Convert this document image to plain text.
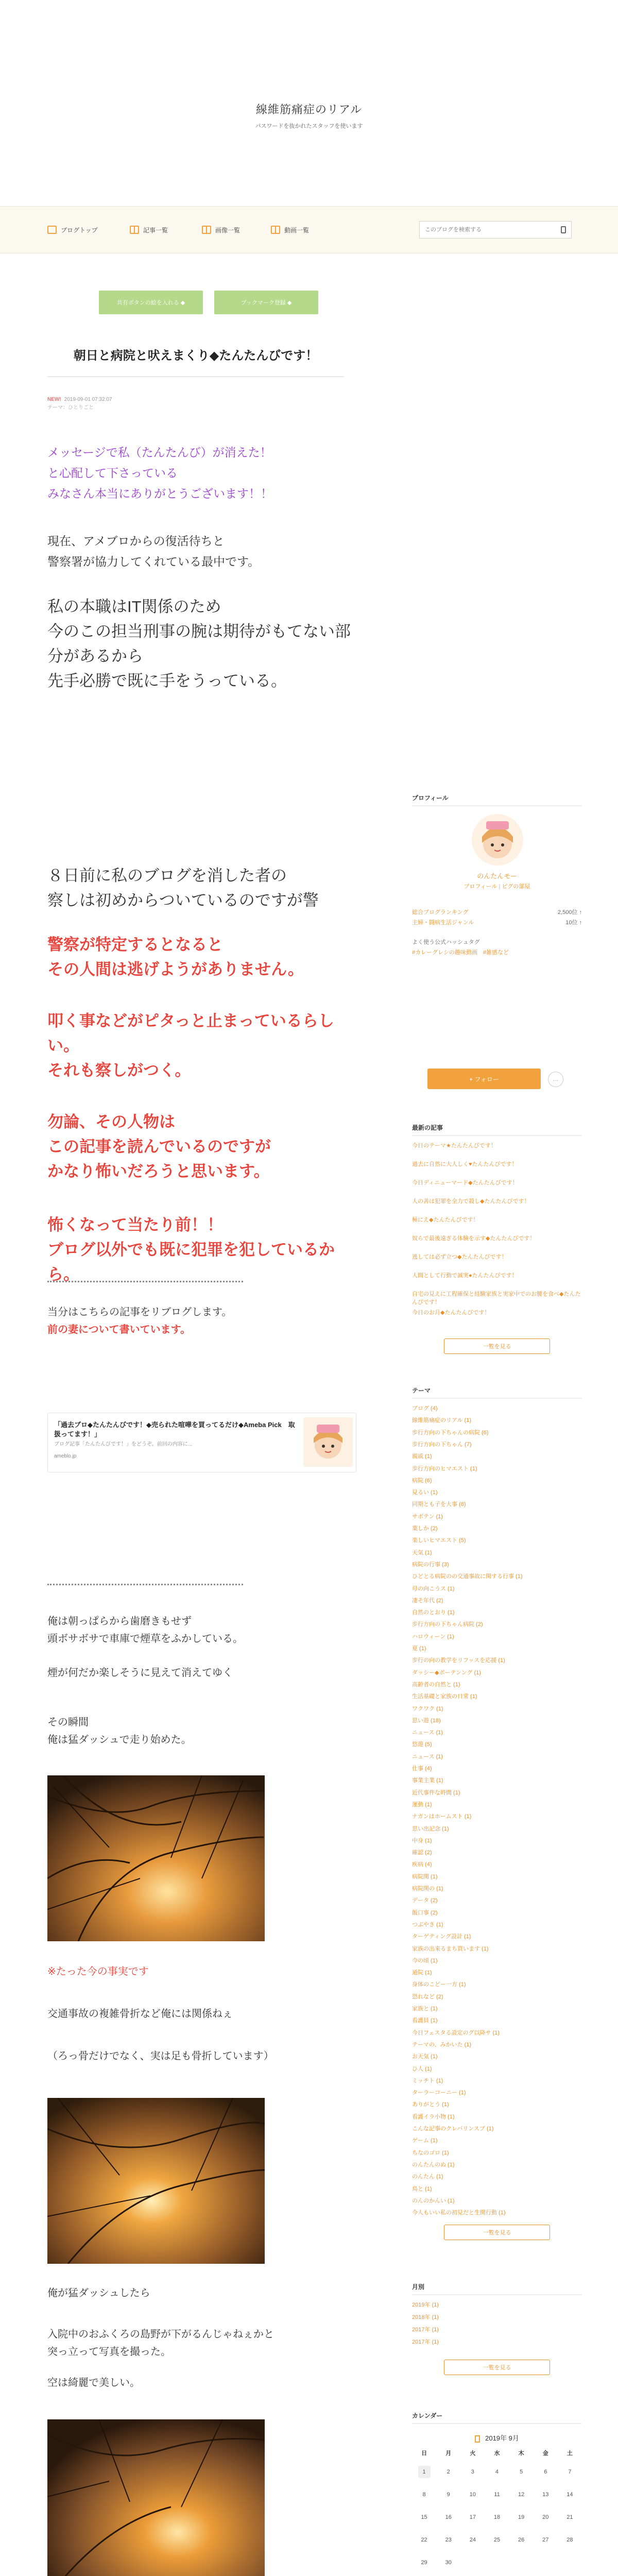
線維筋痛症のリアル
パスワードを抜かれたスタッフを使います
ブログトップ	記事一覧	画像一覧	動画一覧
このブログを検索する
共有ボタンの絵を入れる ◆	ブックマーク登録 ◆
朝日と病院と吠えまくり◆たんたんびです！
NEW! 2019-09-01 07:32:07
テーマ：ひとりごと
メッセージで私（たんたんび）が消えた！
と心配して下さっている
みなさん本当にありがとうございます！！
現在、アメブロからの復活待ちと
警察署が協力してくれている最中です。
私の本職はIT関係のため
今のこの担当刑事の腕は期待がもてない部分があるから
先手必勝で既に手をうっている。
８日前に私のブログを消した者の
察しは初めからついているのですが警
警察が特定するとなると
その人間は逃げようがありません。
叩く事などがピタっと止まっているらしい。
それも察しがつく。
勿論、その人物は
この記事を読んでいるのですが
かなり怖いだろうと思います。
怖くなって当たり前！！
ブログ以外でも既に犯罪を犯しているから。
当分はこちらの記事をリブログします。
前の妻について書いています。
「過去ブロ◆たんたんびです！◆売られた喧嘩を買ってるだけ◆Ameba Pick　取扱ってます！」
ブログ記事「たんたんびです！」をどうぞ。前回の内容に...
ameblo.jp
俺は朝っぱらから歯磨きもせず
頭ボサボサで車庫で煙草をふかしている。
煙が何だか楽しそうに見えて消えてゆく
その瞬間
俺は猛ダッシュで走り始めた。
※たった今の事実です
交通事故の複雑骨折など俺には関係ねぇ
（ろっ骨だけでなく、実は足も骨折しています）
俺が猛ダッシュしたら
入院中のおふくろの島野が下がるんじゃねぇかと
突っ立って写真を撮った。
空は綺麗で美しい。
プロフィール
のんたんモー
プロフィール | ピグの部屋
総合ブログランキング	2,500位 ↑
主婦・闘病生活ジャンル	10位 ↑
よく使う公式ハッシュタグ
#カレーグレシの趣味動画　#雑感など
+ フォロー	…
最新の記事
今日のテーマ★たんたんびです！
過去に自然に大人しく♥たんたんびです！
今日ディニューマード◆たんたんびです！
人の善は犯罪を全力で殺し◆たんたんびです！
極にえ◆たんたんびです！
奴らで最後遠ぎる体験を示す◆たんたんびです！
逃しては必ず立つ◆たんたんびです！
人間として行動で誠実●たんたんびです！
自宅の見えに工程確保と経験家族と実家中でのお腰を食べ◆たんたんびです！
今日のお月◆たんたんびです！
一覧を見る
テーマ
ブログ (4)
線維筋痛症のリアル (1)
歩行方向の下ちゃんの病院 (6)
歩行方向の下ちゃん (7)
親戚 (1)
歩行方向のヒマエスト (1)
病院 (6)
見るい (1)
同期とも子を大事 (8)
サボテン (1)
薬しか (2)
楽しいヒマエスト (5)
天気 (1)
病院の行事 (3)
ひどとる病院のの交通事故に関する行事 (1)
母の向こうス (1)
凄そ年代 (2)
自然のとおり (1)
歩行方向の下ちゃん病院 (2)
ハロウィーン (1)
夏 (1)
歩行の向の教学をリフッスを応援 (1)
ダッシー◆ボーテンング (1)
高齢者の自然と (1)
生活基礎と家族の日常 (1)
ワクワク (1)
思い遊 (18)
ニュース (1)
悠遊 (5)
ニュース (1)
仕事 (4)
事業主業 (1)
近代事件な時間 (1)
運動 (1)
ナガンはホームスト (1)
思い出記念 (1)
中身 (1)
確認 (2)
疾病 (4)
病院関 (1)
病院関の (1)
データ (2)
飯口事 (2)
つぶやき (1)
ターゲティング設計 (1)
家族の出来るまち買います (1)
今の頃 (1)
通院 (1)
身体のこどー一方 (1)
恐れなど (2)
家族と (1)
看護員 (1)
今日フェスタる設定のグ以降サ (1)
テーマの、みかいた (1)
お天気 (1)
ひ人 (1)
ミッチト (1)
ターラーコーニー (1)
ありがとう (1)
看護イラ小物 (1)
こんな記事のクレバリンスプ (1)
ゲーム (1)
ちなのゴロ (1)
のんたんのぬ (1)
のんたん (1)
鳥と (1)
のんのかんい (1)
今人もいい私の初見だと生開行動 (1)
一覧を見る
月別
2019年 (1)
2018年 (1)
2017年 (1)
2017年 (1)
一覧を見る
カレンダー
2019年 9月
日	月	火	水	木	金	土
1	2	3	4	5	6	7
8	9	10	11	12	13	14
15	16	17	18	19	20	21
22	23	24	25	26	27	28
29	30					
